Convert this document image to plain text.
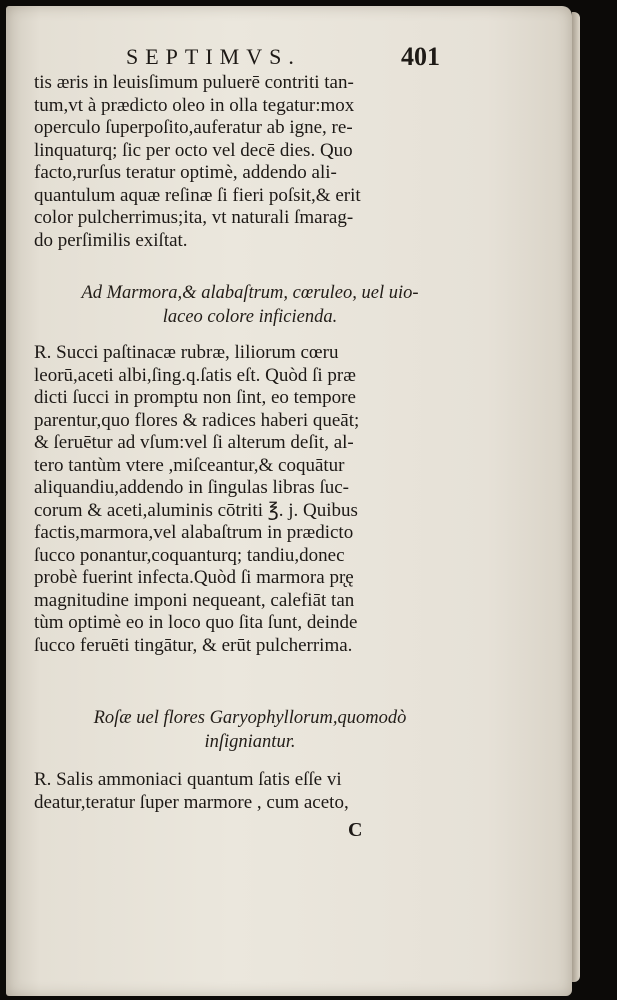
SEPTIMVS.	401
tis æris in leuisſimum puluerē contriti tan-
tum,vt à prædicto oleo in olla tegatur:mox
operculo ſuperpoſito,auferatur ab igne, re-
linquaturq; ſic per octo vel decē dies. Quo
facto,rurſus teratur optimè, addendo ali-
quantulum aquæ reſinæ ſi fieri poſsit,& erit
color pulcherrimus;ita, vt naturali ſmarag-
do perſimilis exiſtat.
Ad Marmora,& alabaſtrum, cœruleo, uel uio-
laceo colore inficienda.
R. Succi paſtinacæ rubræ, liliorum cœru
leorū,aceti albi,ſing.q.ſatis eſt. Quòd ſi præ
dicti ſucci in promptu non ſint, eo tempore
parentur,quo flores & radices haberi queāt;
& ſeruētur ad vſum:vel ſi alterum deſit, al-
tero tantùm vtere ,miſceantur,& coquātur
aliquandiu,addendo in ſingulas libras ſuc-
corum & aceti,aluminis cōtriti ℥. j. Quibus
factis,marmora,vel alabaſtrum in prædicto
ſucco ponantur,coquanturq; tandiu,donec
probè fuerint infecta.Quòd ſi marmora pr̨ę
magnitudine imponi nequeant, calefiāt tan
tùm optimè eo in loco quo ſita ſunt, deinde
ſucco feruēti tingātur, & erūt pulcherrima.
Roſæ uel flores Garyophyllorum,quomodò
inſigniantur.
R. Salis ammoniaci quantum ſatis eſſe vi
deatur,teratur ſuper marmore , cum aceto,
C
